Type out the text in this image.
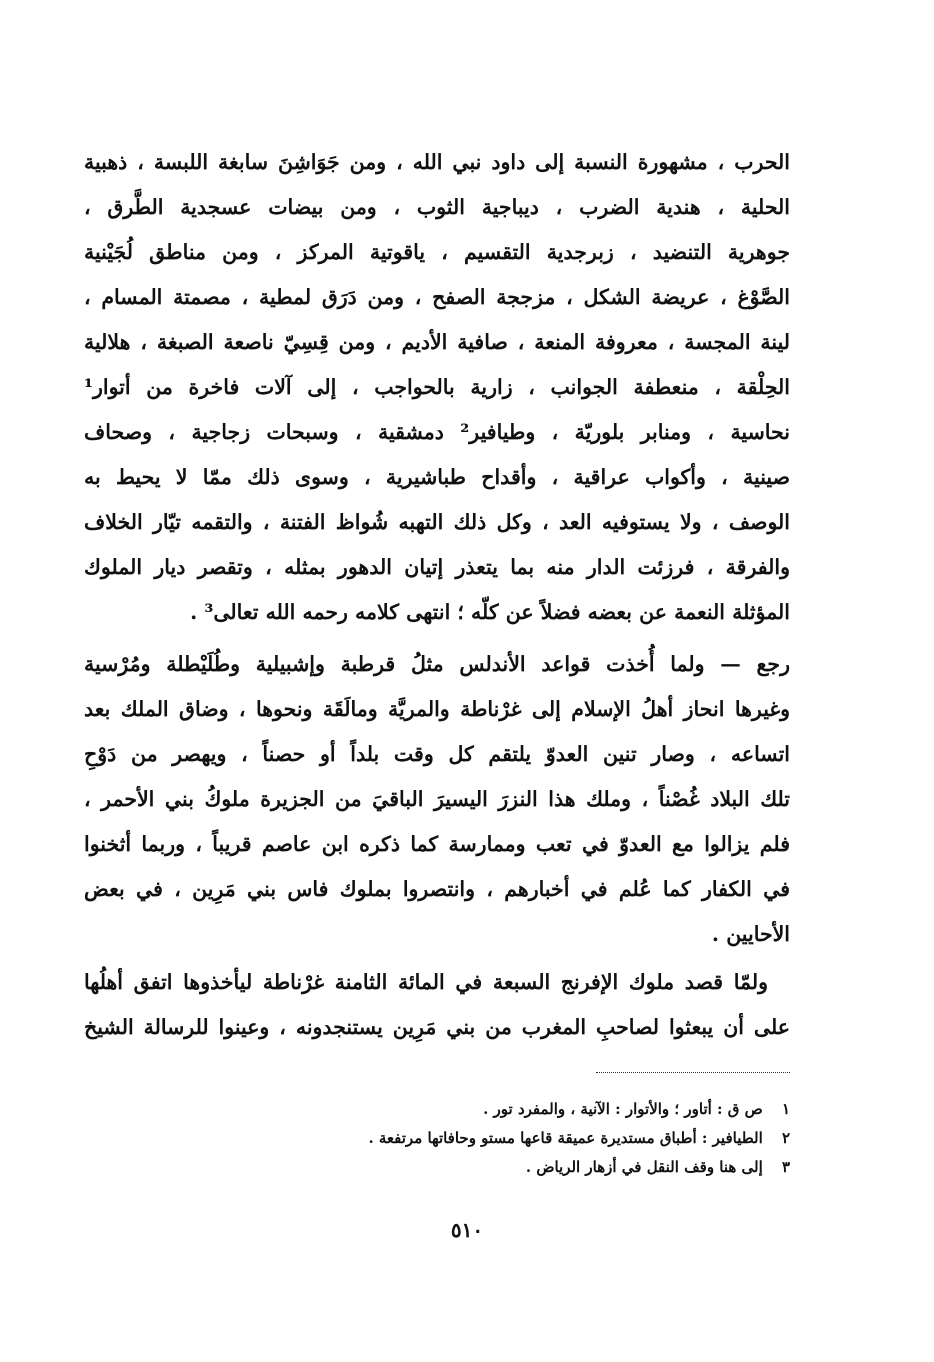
الحرب ، مشهورة النسبة إلى داود نبي الله ، ومن جَوَاشِنَ سابغة اللبسة ، ذهبية
الحلية ، هندية الضرب ، ديباجية الثوب ، ومن بيضات عسجدية الطَّرق ،
جوهرية التنضيد ، زبرجدية التقسيم ، ياقوتية المركز ، ومن مناطق لُجَيْنية
الصَّوْغ ، عريضة الشكل ، مزججة الصفح ، ومن دَرَق لمطية ، مصمتة المسام ،
لينة المجسة ، معروفة المنعة ، صافية الأديم ، ومن قِسِيّ ناصعة الصبغة ، هلالية
الحِلْقة ، منعطفة الجوانب ، زارية بالحواجب ، إلى آلات فاخرة من أتوار¹
نحاسية ، ومنابر بلوريّة ، وطيافير² دمشقية ، وسبحات زجاجية ، وصحاف
صينية ، وأكواب عراقية ، وأقداح طباشيرية ، وسوى ذلك ممّا لا يحيط به
الوصف ، ولا يستوفيه العد ، وكل ذلك التهبه شُواظ الفتنة ، والتقمه تيّار الخلاف
والفرقة ، فرزئت الدار منه بما يتعذر إتيان الدهور بمثله ، وتقصر ديار الملوك
المؤثلة النعمة عن بعضه فضلاً عن كلّه ؛ انتهى كلامه رحمه الله تعالى³ .
رجع — ولما أُخذت قواعد الأندلس مثلُ قرطبة وإشبيلية وطُلَيْطلة ومُرْسية
وغيرها انحاز أهلُ الإسلام إلى غرْناطة والمريَّة ومالَقَة ونحوها ، وضاق الملك بعد
اتساعه ، وصار تنين العدوّ يلتقم كل وقت بلداً أو حصناً ، ويهصر من دَوْحِ
تلك البلاد غُصْناً ، وملك هذا النزرَ اليسيرَ الباقيَ من الجزيرة ملوكُ بني الأحمر ،
فلم يزالوا مع العدوّ في تعب وممارسة كما ذكره ابن عاصم قريباً ، وربما أثخنوا
في الكفار كما عُلم في أخبارهم ، وانتصروا بملوك فاس بني مَرِين ، في بعض
الأحايين .
ولمّا قصد ملوك الإفرنج السبعة في المائة الثامنة غرْناطة ليأخذوها اتفق أهلُها
على أن يبعثوا لصاحبِ المغرب من بني مَرِين يستنجدونه ، وعينوا للرسالة الشيخ
١ ص ق : أتاور ؛ والأتوار : الآنية ، والمفرد تور .
٢ الطيافير : أطباق مستديرة عميقة قاعها مستو وحافاتها مرتفعة .
٣ إلى هنا وقف النقل في أزهار الرياض .
٥١٠
